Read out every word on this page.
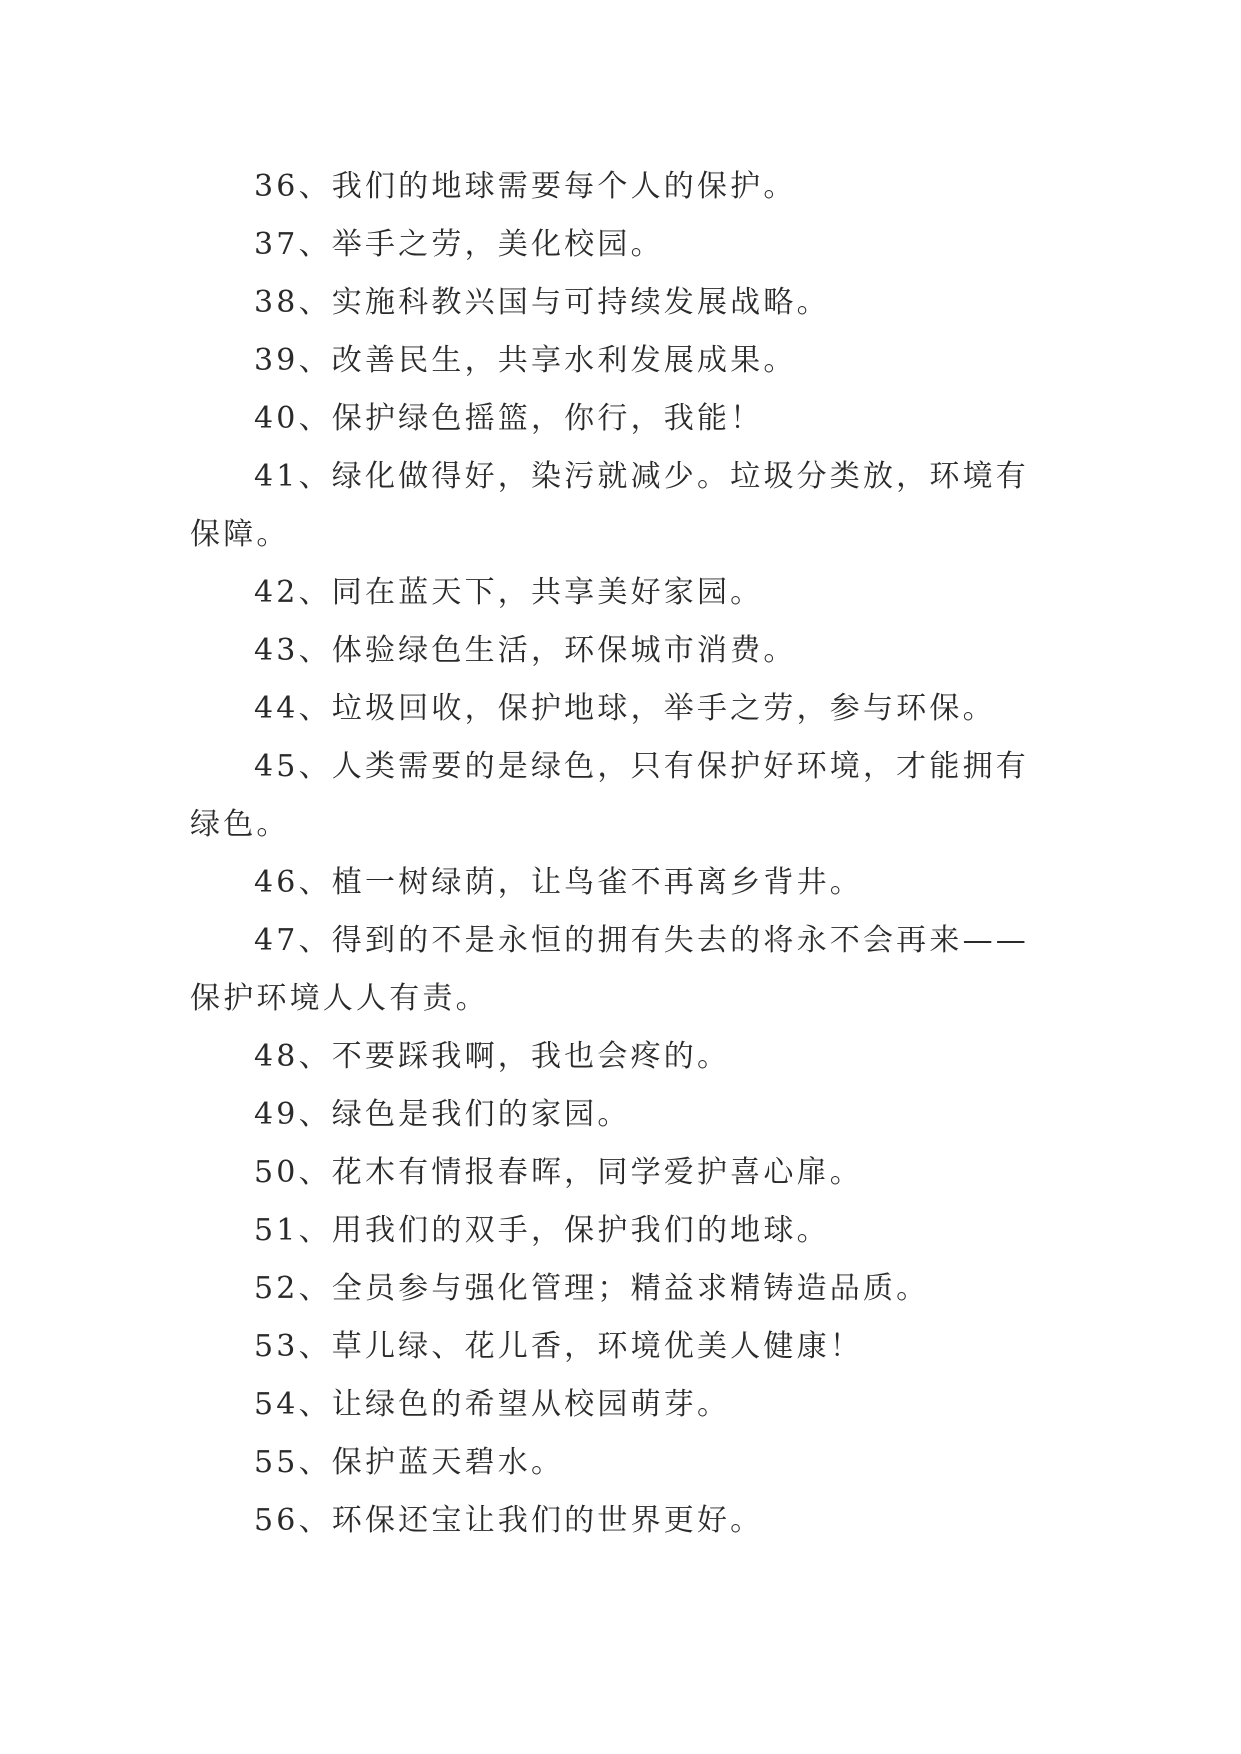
36、我们的地球需要每个人的保护。

37、举手之劳，美化校园。

38、实施科教兴国与可持续发展战略。

39、改善民生，共享水利发展成果。

40、保护绿色摇篮，你行，我能！

41、绿化做得好，染污就减少。垃圾分类放，环境有保障。

42、同在蓝天下，共享美好家园。

43、体验绿色生活，环保城市消费。

44、垃圾回收，保护地球，举手之劳，参与环保。

45、人类需要的是绿色，只有保护好环境，才能拥有绿色。

46、植一树绿荫，让鸟雀不再离乡背井。

47、得到的不是永恒的拥有失去的将永不会再来——保护环境人人有责。

48、不要踩我啊，我也会疼的。

49、绿色是我们的家园。

50、花木有情报春晖，同学爱护喜心扉。

51、用我们的双手，保护我们的地球。

52、全员参与强化管理；精益求精铸造品质。

53、草儿绿、花儿香，环境优美人健康！

54、让绿色的希望从校园萌芽。

55、保护蓝天碧水。

56、环保还宝让我们的世界更好。
